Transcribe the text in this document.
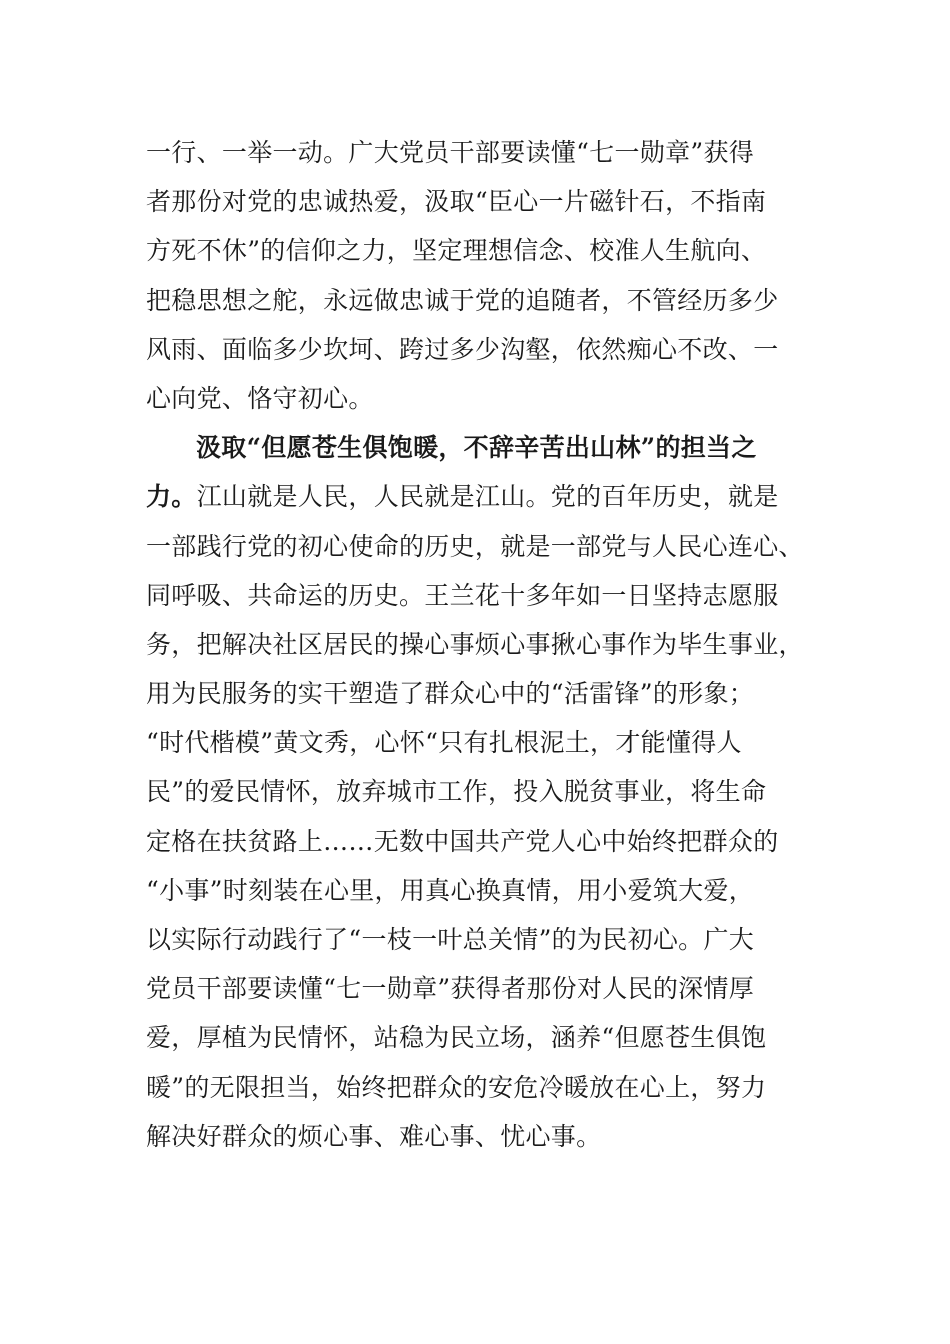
一行、一举一动。广大党员干部要读懂“七一勋章”获得
者那份对党的忠诚热爱，汲取“臣心一片磁针石，不指南
方死不休”的信仰之力，坚定理想信念、校准人生航向、
把稳思想之舵，永远做忠诚于党的追随者，不管经历多少
风雨、面临多少坎坷、跨过多少沟壑，依然痴心不改、一
心向党、恪守初心。
汲取“但愿苍生俱饱暖，不辞辛苦出山林”的担当之
力。江山就是人民，人民就是江山。党的百年历史，就是
一部践行党的初心使命的历史，就是一部党与人民心连心、
同呼吸、共命运的历史。王兰花十多年如一日坚持志愿服
务，把解决社区居民的操心事烦心事揪心事作为毕生事业，
用为民服务的实干塑造了群众心中的“活雷锋”的形象；
“时代楷模”黄文秀，心怀“只有扎根泥土，才能懂得人
民”的爱民情怀，放弃城市工作，投入脱贫事业，将生命
定格在扶贫路上……无数中国共产党人心中始终把群众的
“小事”时刻装在心里，用真心换真情，用小爱筑大爱，
以实际行动践行了“一枝一叶总关情”的为民初心。广大
党员干部要读懂“七一勋章”获得者那份对人民的深情厚
爱，厚植为民情怀，站稳为民立场，涵养“但愿苍生俱饱
暖”的无限担当，始终把群众的安危冷暖放在心上，努力
解决好群众的烦心事、难心事、忧心事。
